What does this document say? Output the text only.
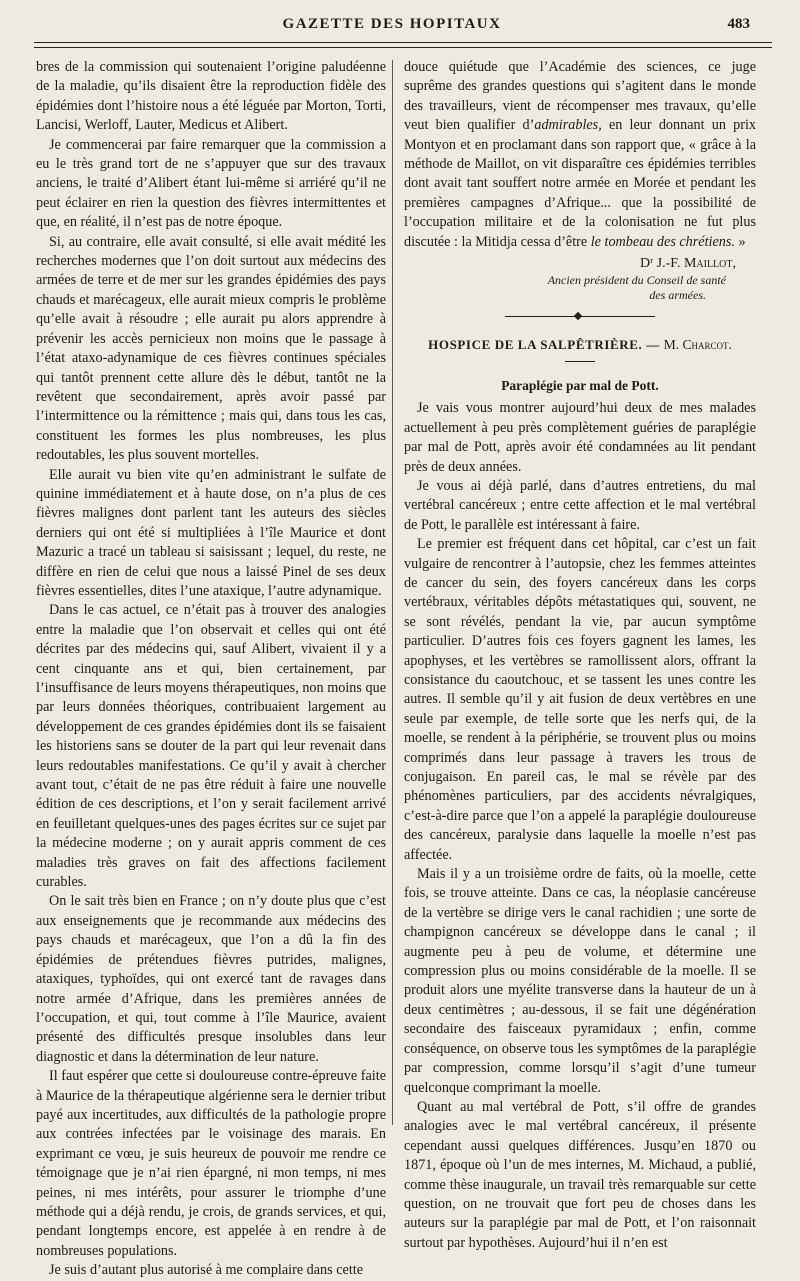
GAZETTE DES HOPITAUX	483

bres de la commission qui soutenaient l’origine paludéenne de la maladie, qu’ils disaient être la reproduction fidèle des épidémies dont l’histoire nous a été léguée par Morton, Torti, Lancisi, Werloff, Lauter, Medicus et Alibert.

Je commencerai par faire remarquer que la commission a eu le très grand tort de ne s’appuyer que sur des travaux anciens, le traité d’Alibert étant lui-même si arriéré qu’il ne peut éclairer en rien la question des fièvres intermittentes et que, en réalité, il n’est pas de notre époque.

Si, au contraire, elle avait consulté, si elle avait médité les recherches modernes que l’on doit surtout aux médecins des armées de terre et de mer sur les grandes épidémies des pays chauds et marécageux, elle aurait mieux compris le problème qu’elle avait à résoudre ; elle aurait pu alors apprendre à prévenir les accès pernicieux non moins que le passage à l’état ataxo-adynamique de ces fièvres continues spéciales qui tantôt prennent cette allure dès le début, tantôt ne la revêtent que secondairement, après avoir passé par l’intermittence ou la rémittence ; mais qui, dans tous les cas, constituent les formes les plus nombreuses, les plus redoutables, les plus souvent mortelles.

Elle aurait vu bien vite qu’en administrant le sulfate de quinine immédiatement et à haute dose, on n’a plus de ces fièvres malignes dont parlent tant les auteurs des siècles derniers qui ont été si multipliées à l’île Maurice et dont Mazuric a tracé un tableau si saisissant ; lequel, du reste, ne diffère en rien de celui que nous a laissé Pinel de ses deux fièvres essentielles, dites l’une ataxique, l’autre adynamique.

Dans le cas actuel, ce n’était pas à trouver des analogies entre la maladie que l’on observait et celles qui ont été décrites par des médecins qui, sauf Alibert, vivaient il y a cent cinquante ans et qui, bien certainement, par l’insuffisance de leurs moyens thérapeutiques, non moins que par leurs données théoriques, contribuaient largement au développement de ces grandes épidémies dont ils se faisaient les historiens sans se douter de la part qui leur revenait dans leurs redoutables manifestations. Ce qu’il y avait à chercher avant tout, c’était de ne pas être réduit à faire une nouvelle édition de ces descriptions, et l’on y serait facilement arrivé en feuilletant quelques-unes des pages écrites sur ce sujet par la médecine moderne ; on y aurait appris comment de ces maladies très graves on fait des affections facilement curables.

On le sait très bien en France ; on n’y doute plus que c’est aux enseignements que je recommande aux médecins des pays chauds et marécageux, que l’on a dû la fin des épidémies de prétendues fièvres putrides, malignes, ataxiques, typhoïdes, qui ont exercé tant de ravages dans notre armée d’Afrique, dans les premières années de l’occupation, et qui, tout comme à l’île Maurice, avaient présenté des difficultés presque insolubles dans leur diagnostic et dans la détermination de leur nature.

Il faut espérer que cette si douloureuse contre-épreuve faite à Maurice de la thérapeutique algérienne sera le dernier tribut payé aux incertitudes, aux difficultés de la pathologie propre aux contrées infectées par le voisinage des marais. En exprimant ce vœu, je suis heureux de pouvoir me rendre ce témoignage que je n’ai rien épargné, ni mon temps, ni mes peines, ni mes intérêts, pour assurer le triomphe d’une méthode qui a déjà rendu, je crois, de grands services, et qui, pendant longtemps encore, est appelée à en rendre à de nombreuses populations.

Je suis d’autant plus autorisé à me complaire dans cette

douce quiétude que l’Académie des sciences, ce juge suprême des grandes questions qui s’agitent dans le monde des travailleurs, vient de récompenser mes travaux, qu’elle veut bien qualifier d’admirables, en leur donnant un prix Montyon et en proclamant dans son rapport que, « grâce à la méthode de Maillot, on vit disparaître ces épidémies terribles dont avait tant souffert notre armée en Morée et pendant les premières campagnes d’Afrique... que la possibilité de l’occupation militaire et de la colonisation ne fut plus discutée : la Mitidja cessa d’être le tombeau des chrétiens. »

Dʳ J.-F. Maillot,
Ancien président du Conseil de santé
des armées.
HOSPICE DE LA SALPÊTRIÈRE. — M. Charcot.
Paraplégie par mal de Pott.

Je vais vous montrer aujourd’hui deux de mes malades actuellement à peu près complètement guéries de paraplégie par mal de Pott, après avoir été condamnées au lit pendant près de deux années.

Je vous ai déjà parlé, dans d’autres entretiens, du mal vertébral cancéreux ; entre cette affection et le mal vertébral de Pott, le parallèle est intéressant à faire.

Le premier est fréquent dans cet hôpital, car c’est un fait vulgaire de rencontrer à l’autopsie, chez les femmes atteintes de cancer du sein, des foyers cancéreux dans les corps vertébraux, véritables dépôts métastatiques qui, souvent, ne se sont révélés, pendant la vie, par aucun symptôme particulier. D’autres fois ces foyers gagnent les lames, les apophyses, et les vertèbres se ramollissent alors, offrant la consistance du caoutchouc, et se tassent les unes contre les autres. Il semble qu’il y ait fusion de deux vertèbres en une seule par exemple, de telle sorte que les nerfs qui, de la moelle, se rendent à la périphérie, se trouvent plus ou moins comprimés dans leur passage à travers les trous de conjugaison. En pareil cas, le mal se révèle par des phénomènes particuliers, par des accidents névralgiques, c’est-à-dire parce que l’on a appelé la paraplégie douloureuse des cancéreux, paralysie dans laquelle la moelle n’est pas affectée.

Mais il y a un troisième ordre de faits, où la moelle, cette fois, se trouve atteinte. Dans ce cas, la néoplasie cancéreuse de la vertèbre se dirige vers le canal rachidien ; une sorte de champignon cancéreux se développe dans le canal ; il augmente peu à peu de volume, et détermine une compression plus ou moins considérable de la moelle. Il se produit alors une myélite transverse dans la hauteur de un à deux centimètres ; au-dessous, il se fait une dégénération secondaire des faisceaux pyramidaux ; enfin, comme conséquence, on observe tous les symptômes de la paraplégie par compression, comme lorsqu’il s’agit d’une tumeur quelconque comprimant la moelle.

Quant au mal vertébral de Pott, s’il offre de grandes analogies avec le mal vertébral cancéreux, il présente cependant aussi quelques différences. Jusqu’en 1870 ou 1871, époque où l’un de mes internes, M. Michaud, a publié, comme thèse inaugurale, un travail très remarquable sur cette question, on ne trouvait que fort peu de choses dans les auteurs sur la paraplégie par mal de Pott, et l’on raisonnait surtout par hypothèses. Aujourd’hui il n’en est
